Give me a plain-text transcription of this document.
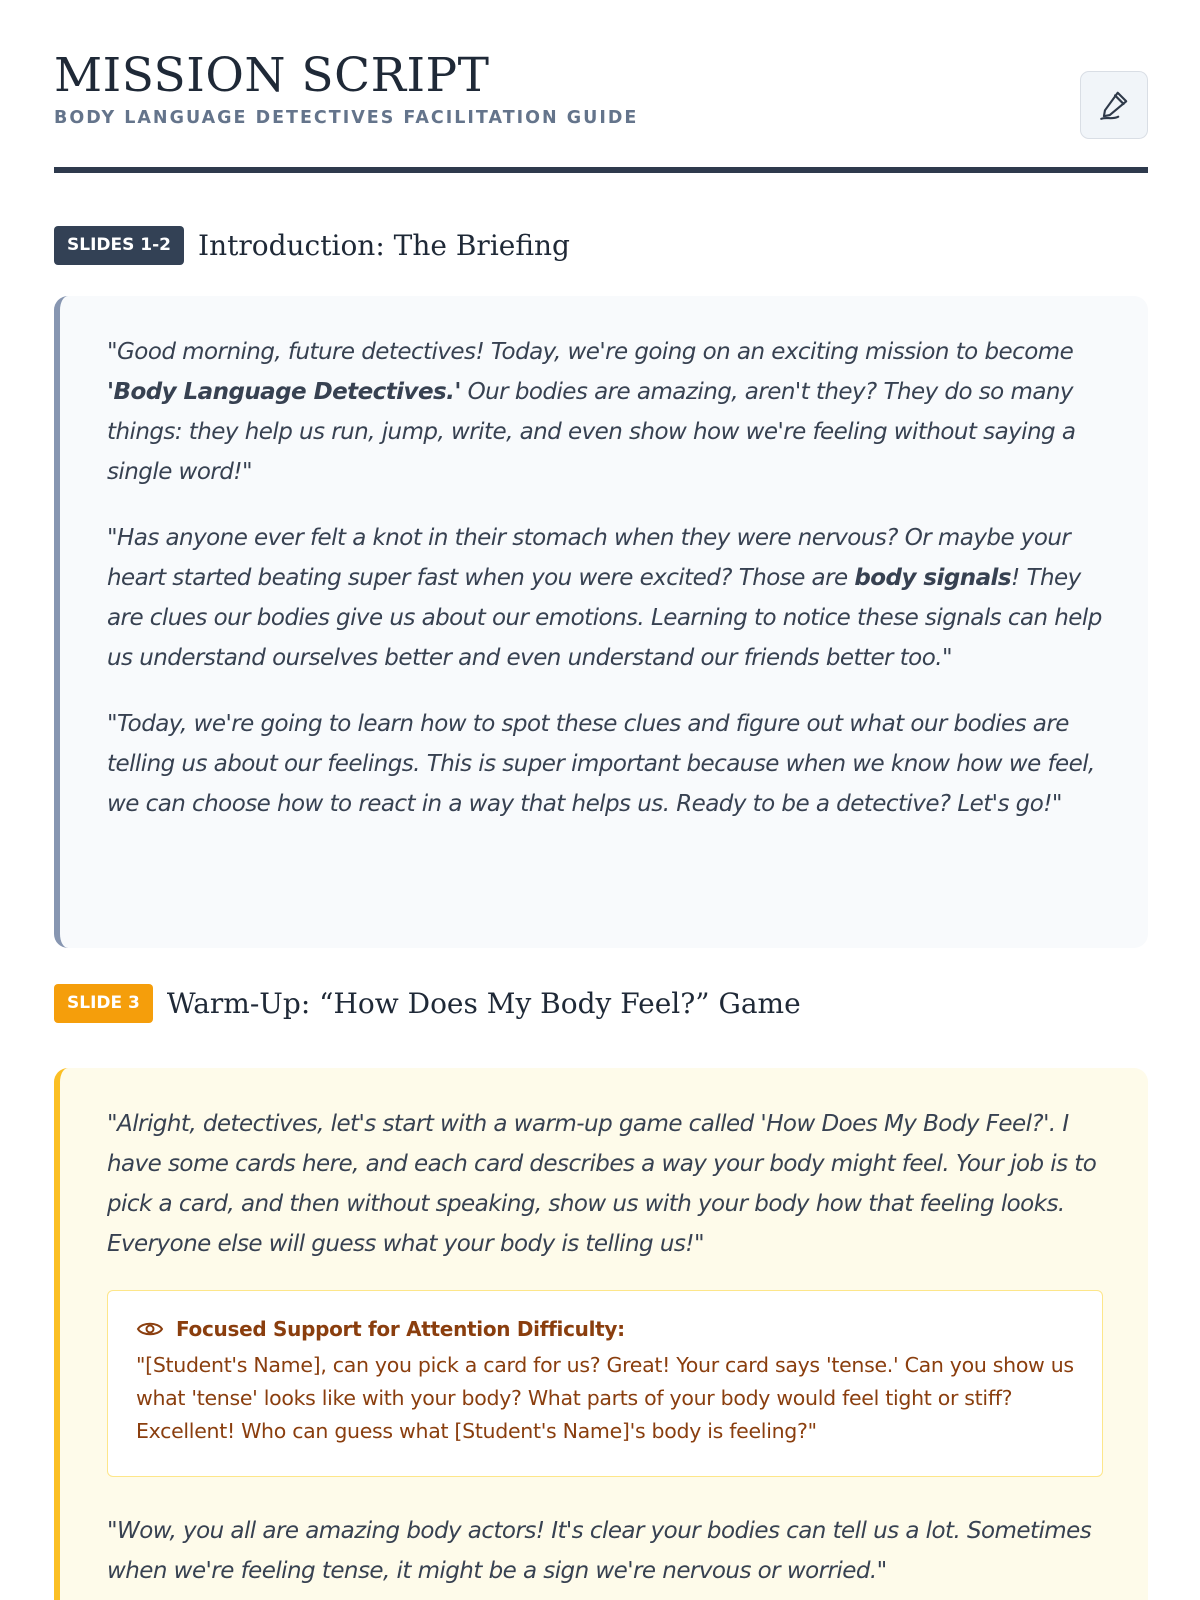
MISSION SCRIPT
BODY LANGUAGE DETECTIVES FACILITATION GUIDE
SLIDES 1-2 Introduction: The Briefing

"Good morning, future detectives! Today, we're going on an exciting mission to become 'Body Language Detectives.' Our bodies are amazing, aren't they? They do so many things: they help us run, jump, write, and even show how we're feeling without saying a single word!"

"Has anyone ever felt a knot in their stomach when they were nervous? Or maybe your heart started beating super fast when you were excited? Those are body signals! They are clues our bodies give us about our emotions. Learning to notice these signals can help us understand ourselves better and even understand our friends better too."

"Today, we're going to learn how to spot these clues and figure out what our bodies are telling us about our feelings. This is super important because when we know how we feel, we can choose how to react in a way that helps us. Ready to be a detective? Let's go!"

SLIDE 3 Warm-Up: “How Does My Body Feel?” Game

"Alright, detectives, let's start with a warm-up game called 'How Does My Body Feel?'. I have some cards here, and each card describes a way your body might feel. Your job is to pick a card, and then without speaking, show us with your body how that feeling looks. Everyone else will guess what your body is telling us!"

Focused Support for Attention Difficulty:
"[Student's Name], can you pick a card for us? Great! Your card says 'tense.' Can you show us what 'tense' looks like with your body? What parts of your body would feel tight or stiff? Excellent! Who can guess what [Student's Name]'s body is feeling?"

"Wow, you all are amazing body actors! It's clear your bodies can tell us a lot. Sometimes when we're feeling tense, it might be a sign we're nervous or worried."
